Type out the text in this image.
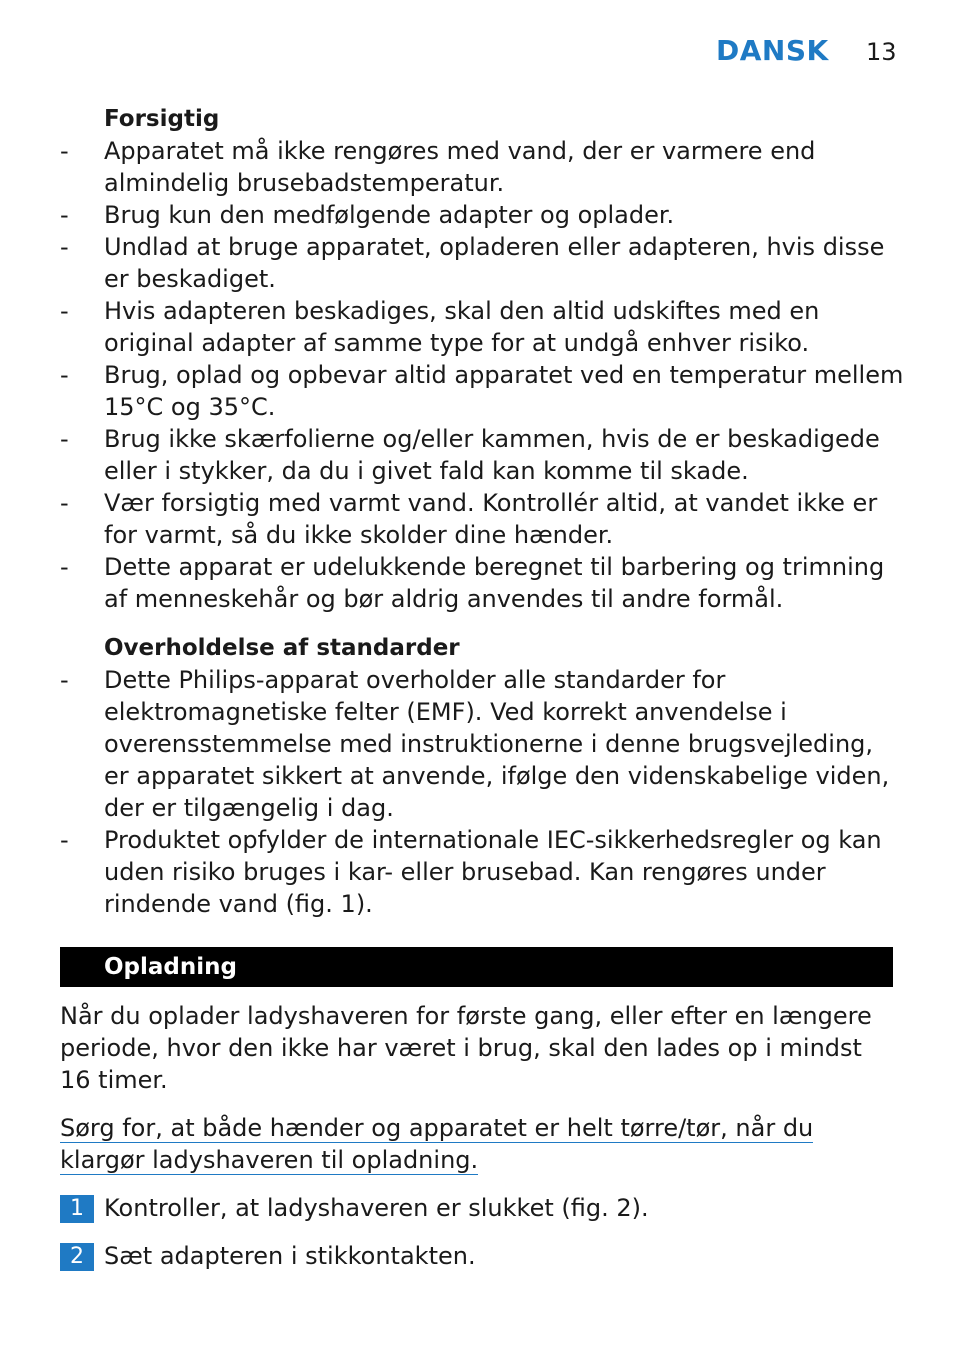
DANSK 13
Forsigtig
- Apparatet må ikke rengøres med vand, der er varmere end almindelig brusebadstemperatur.
- Brug kun den medfølgende adapter og oplader.
- Undlad at bruge apparatet, opladeren eller adapteren, hvis disse er beskadiget.
- Hvis adapteren beskadiges, skal den altid udskiftes med en original adapter af samme type for at undgå enhver risiko.
- Brug, oplad og opbevar altid apparatet ved en temperatur mellem 15°C og 35°C.
- Brug ikke skærfolierne og/eller kammen, hvis de er beskadigede eller i stykker, da du i givet fald kan komme til skade.
- Vær forsigtig med varmt vand. Kontrollér altid, at vandet ikke er for varmt, så du ikke skolder dine hænder.
- Dette apparat er udelukkende beregnet til barbering og trimning af menneskehår og bør aldrig anvendes til andre formål.
Overholdelse af standarder
- Dette Philips-apparat overholder alle standarder for elektromagnetiske felter (EMF). Ved korrekt anvendelse i overensstemmelse med instruktionerne i denne brugsvejleding, er apparatet sikkert at anvende, ifølge den videnskabelige viden, der er tilgængelig i dag.
- Produktet opfylder de internationale IEC-sikkerhedsregler og kan uden risiko bruges i kar- eller brusebad. Kan rengøres under rindende vand (fig. 1).
Opladning
Når du oplader ladyshaveren for første gang, eller efter en længere periode, hvor den ikke har været i brug, skal den lades op i mindst 16 timer.
Sørg for, at både hænder og apparatet er helt tørre/tør, når du klargør ladyshaveren til opladning.
1 Kontroller, at ladyshaveren er slukket (fig. 2).
2 Sæt adapteren i stikkontakten.
